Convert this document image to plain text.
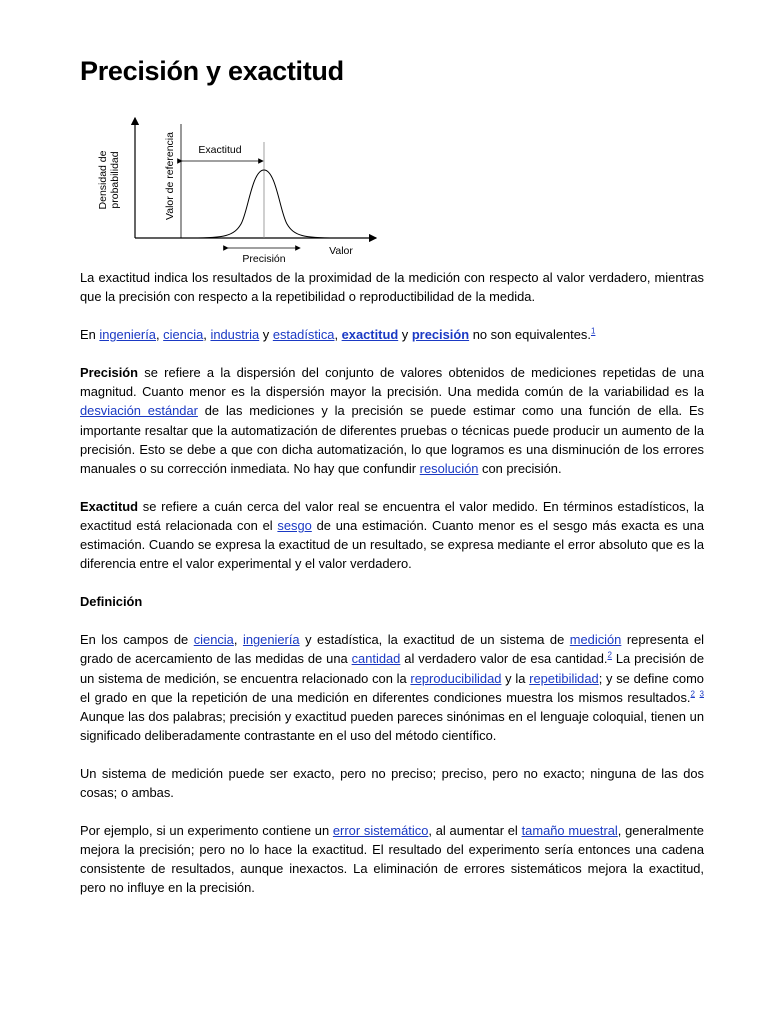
Precisión y exactitud
Densidad de probabilidad	Valor de referencia Exactitud
Precisión
Valor

La exactitud indica los resultados de la proximidad de la medición con respecto al valor verdadero, mientras que la precisión con respecto a la repetibilidad o reproductibilidad de la medida.

En ingeniería, ciencia, industria y estadística, exactitud y precisión no son equivalentes.$^1$

Precisión se refiere a la dispersión del conjunto de valores obtenidos de mediciones repetidas de una magnitud. Cuanto menor es la dispersión mayor la precisión. Una medida común de la variabilidad es la desviación estándar de las mediciones y la precisión se puede estimar como una función de ella. Es importante resaltar que la automatización de diferentes pruebas o técnicas puede producir un aumento de la precisión. Esto se debe a que con dicha automatización, lo que logramos es una disminución de los errores manuales o su corrección inmediata. No hay que confundir resolución con precisión.

Exactitud se refiere a cuán cerca del valor real se encuentra el valor medido. En términos estadísticos, la exactitud está relacionada con el sesgo de una estimación. Cuanto menor es el sesgo más exacta es una estimación. Cuando se expresa la exactitud de un resultado, se expresa mediante el error absoluto que es la diferencia entre el valor experimental y el valor verdadero.

Definición

En los campos de ciencia, ingeniería y estadística, la exactitud de un sistema de medición representa el grado de acercamiento de las medidas de una cantidad al verdadero valor de esa cantidad.$^2$ La precisión de un sistema de medición, se encuentra relacionado con la reproducibilidad y la repetibilidad; y se define como el grado en que la repetición de una medición en diferentes condiciones muestra los mismos resultados.$^2$ $^3$ Aunque las dos palabras; precisión y exactitud pueden pareces sinónimas en el lenguaje coloquial, tienen un significado deliberadamente contrastante en el uso del método científico.

Un sistema de medición puede ser exacto, pero no preciso; preciso, pero no exacto; ninguna de las dos cosas; o ambas.

Por ejemplo, si un experimento contiene un error sistemático, al aumentar el tamaño muestral, generalmente mejora la precisión; pero no lo hace la exactitud. El resultado del experimento sería entonces una cadena consistente de resultados, aunque inexactos. La eliminación de errores sistemáticos mejora la exactitud, pero no influye en la precisión.
